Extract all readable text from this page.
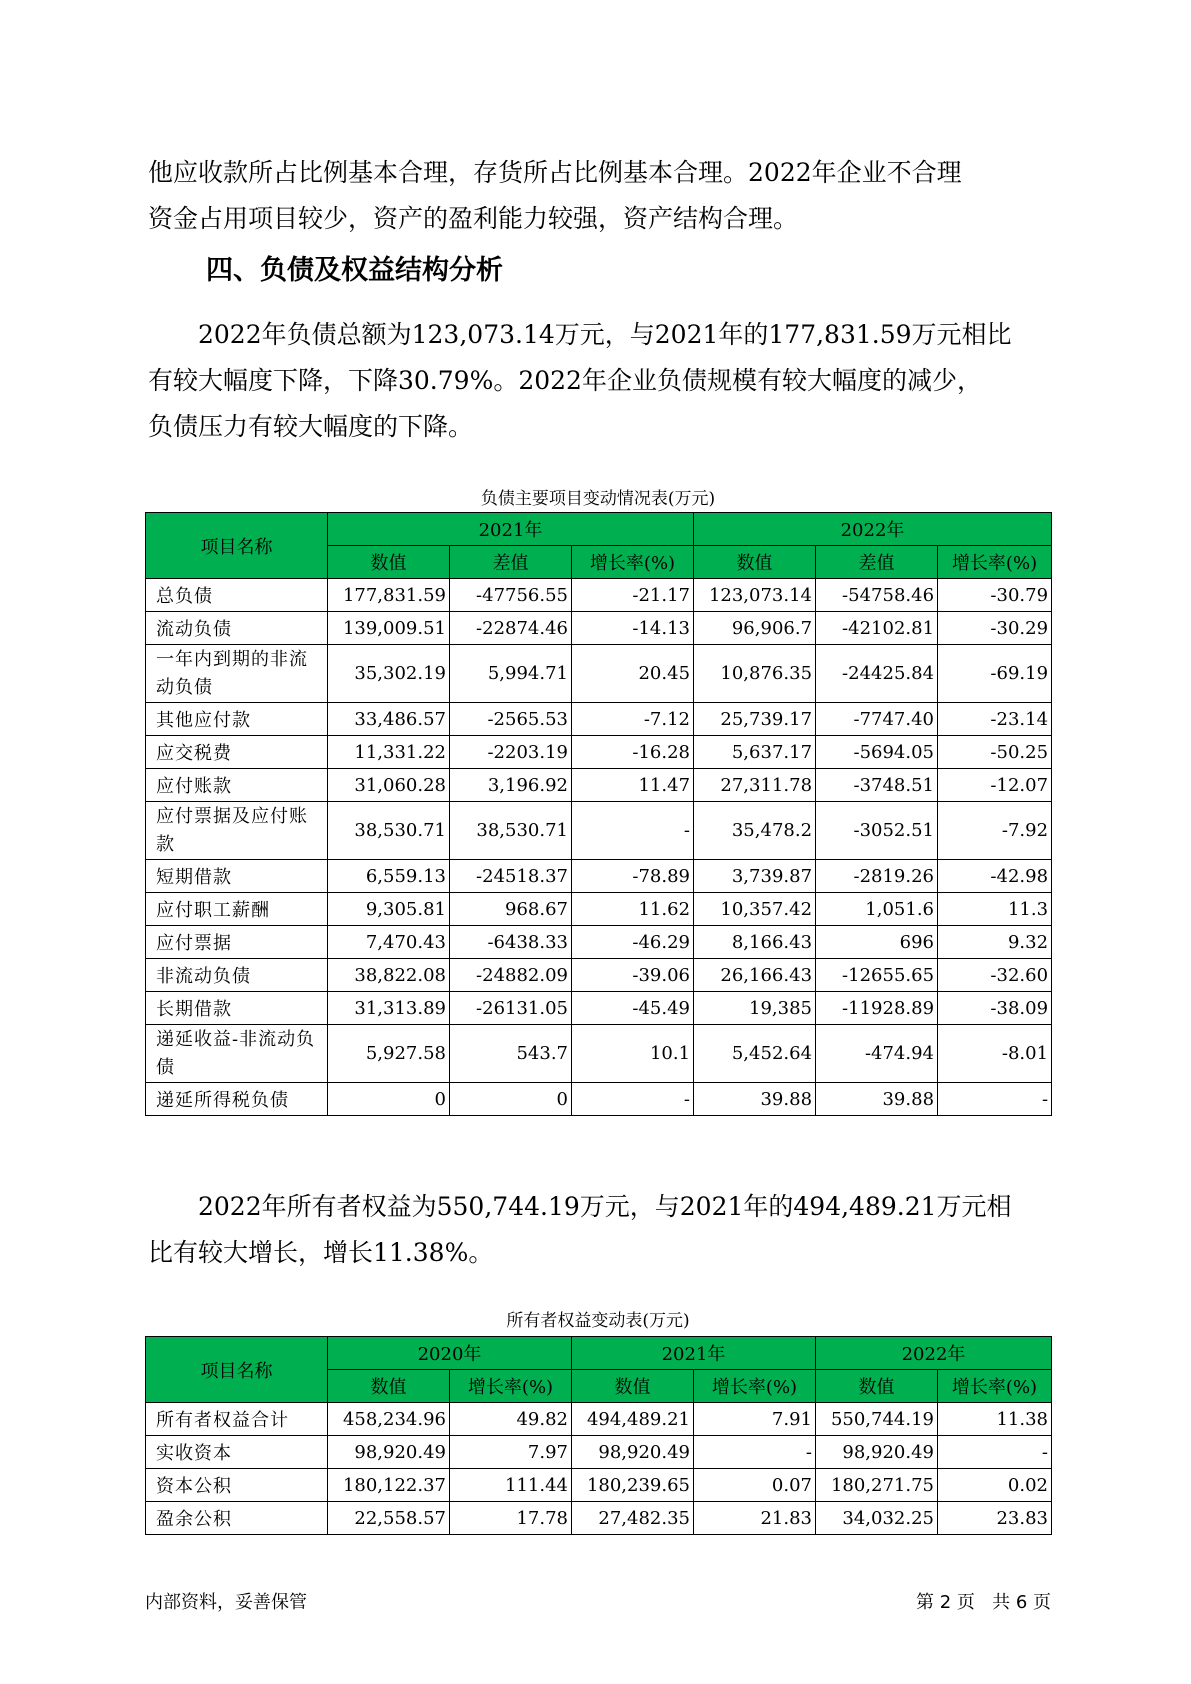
他应收款所占比例基本合理，存货所占比例基本合理。2022年企业不合理

资金占用项目较少，资产的盈利能力较强，资产结构合理。

四、负债及权益结构分析

2022年负债总额为123,073.14万元，与2021年的177,831.59万元相比

有较大幅度下降，下降30.79%。2022年企业负债规模有较大幅度的减少，

负债压力有较大幅度的下降。

负债主要项目变动情况表(万元)
项目名称	2021年			2022年		
	数值	差值	增长率(%)	数值	差值	增长率(%)
总负债	177,831.59	-47756.55	-21.17	123,073.14	-54758.46	-30.79
流动负债	139,009.51	-22874.46	-14.13	96,906.7	-42102.81	-30.29
一年内到期的非流动负债	35,302.19	5,994.71	20.45	10,876.35	-24425.84	-69.19
其他应付款	33,486.57	-2565.53	-7.12	25,739.17	-7747.40	-23.14
应交税费	11,331.22	-2203.19	-16.28	5,637.17	-5694.05	-50.25
应付账款	31,060.28	3,196.92	11.47	27,311.78	-3748.51	-12.07
应付票据及应付账款	38,530.71	38,530.71	-	35,478.2	-3052.51	-7.92
短期借款	6,559.13	-24518.37	-78.89	3,739.87	-2819.26	-42.98
应付职工薪酬	9,305.81	968.67	11.62	10,357.42	1,051.6	11.3
应付票据	7,470.43	-6438.33	-46.29	8,166.43	696	9.32
非流动负债	38,822.08	-24882.09	-39.06	26,166.43	-12655.65	-32.60
长期借款	31,313.89	-26131.05	-45.49	19,385	-11928.89	-38.09
递延收益-非流动负债	5,927.58	543.7	10.1	5,452.64	-474.94	-8.01
递延所得税负债	0	0	-	39.88	39.88	-

2022年所有者权益为550,744.19万元，与2021年的494,489.21万元相

比有较大增长，增长11.38%。

所有者权益变动表(万元)
项目名称	2020年		2021年		2022年	
	数值	增长率(%)	数值	增长率(%)	数值	增长率(%)
所有者权益合计	458,234.96	49.82	494,489.21	7.91	550,744.19	11.38
实收资本	98,920.49	7.97	98,920.49	-	98,920.49	-
资本公积	180,122.37	111.44	180,239.65	0.07	180,271.75	0.02
盈余公积	22,558.57	17.78	27,482.35	21.83	34,032.25	23.83
内部资料，妥善保管	第 2 页   共 6 页
